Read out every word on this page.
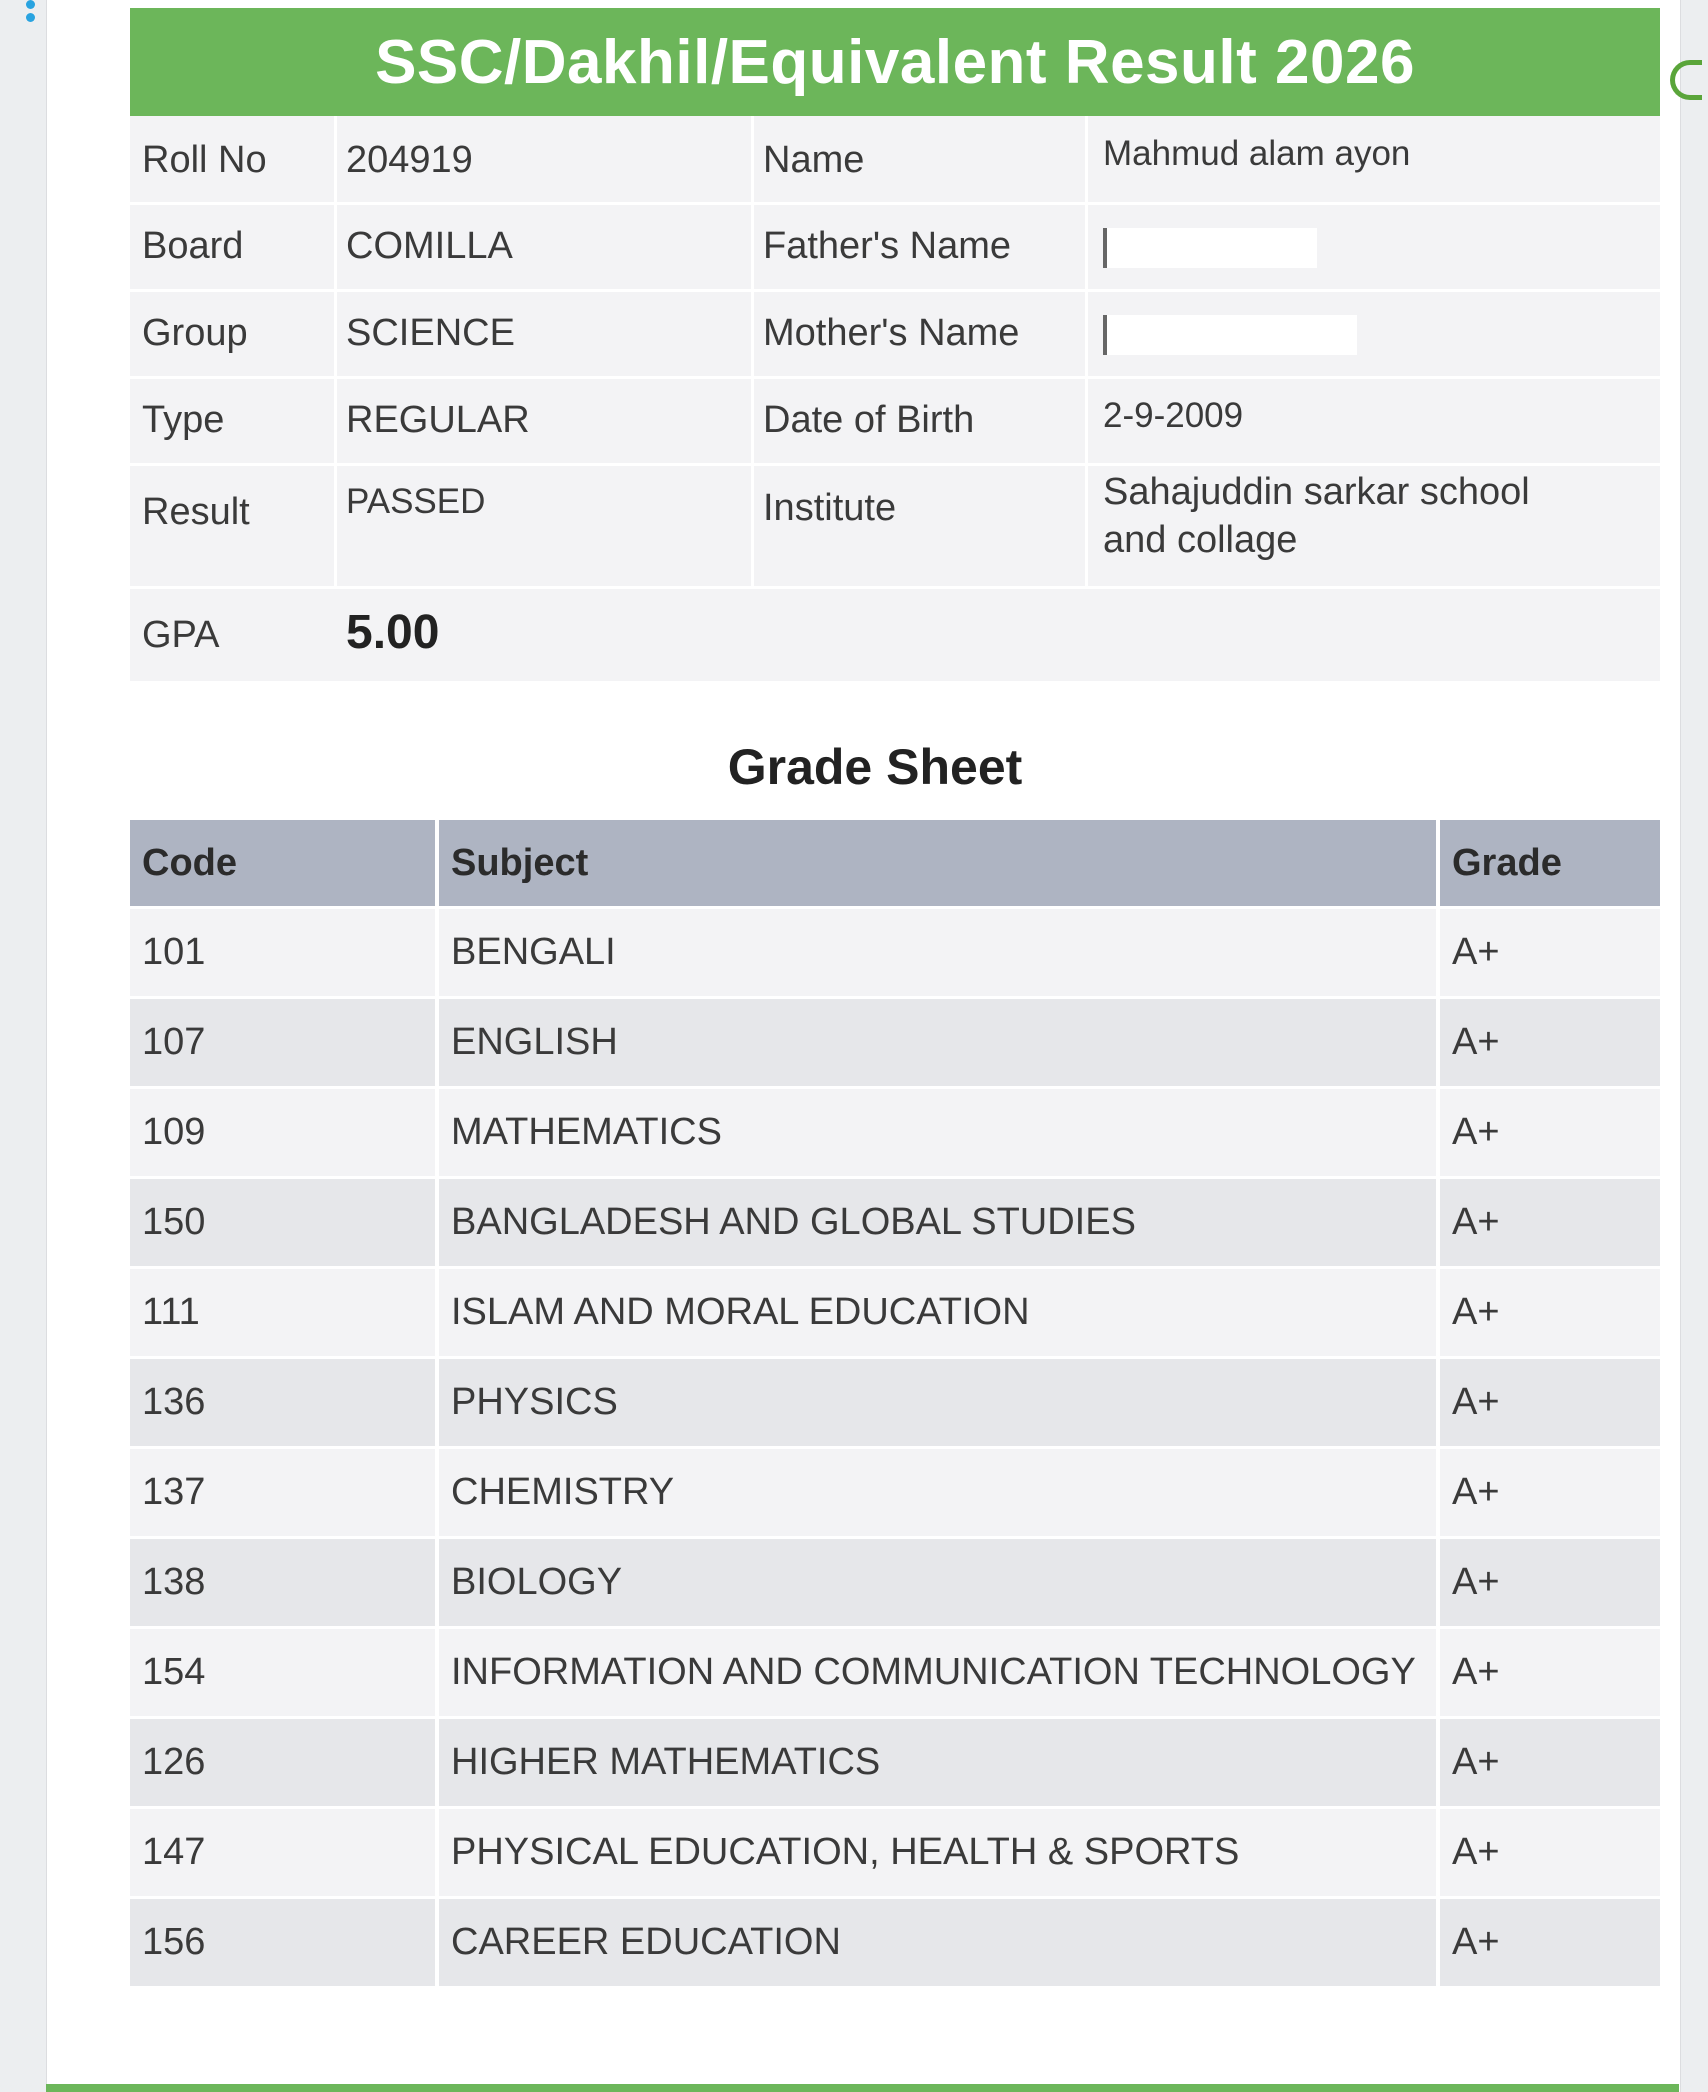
SSC/Dakhil/Equivalent Result 2026
Roll No 204919	Name	Mahmud alam ayon
Board	COMILLA	Father's Name
Group	SCIENCE	Mother's Name
Type	REGULAR	Date of Birth	2-9-2009
Result	PASSED	Institute	Sahajuddin sarkar school and collage
GPA	5.00
Grade Sheet
Code	Subject	Grade
101	BENGALI	A+
107	ENGLISH	A+
109	MATHEMATICS	A+
150	BANGLADESH AND GLOBAL STUDIES	A+
111	ISLAM AND MORAL EDUCATION	A+
136	PHYSICS	A+
137	CHEMISTRY	A+
138	BIOLOGY	A+
154	INFORMATION AND COMMUNICATION TECHNOLOGY	A+
126	HIGHER MATHEMATICS	A+
147	PHYSICAL EDUCATION, HEALTH & SPORTS	A+
156	CAREER EDUCATION	A+
